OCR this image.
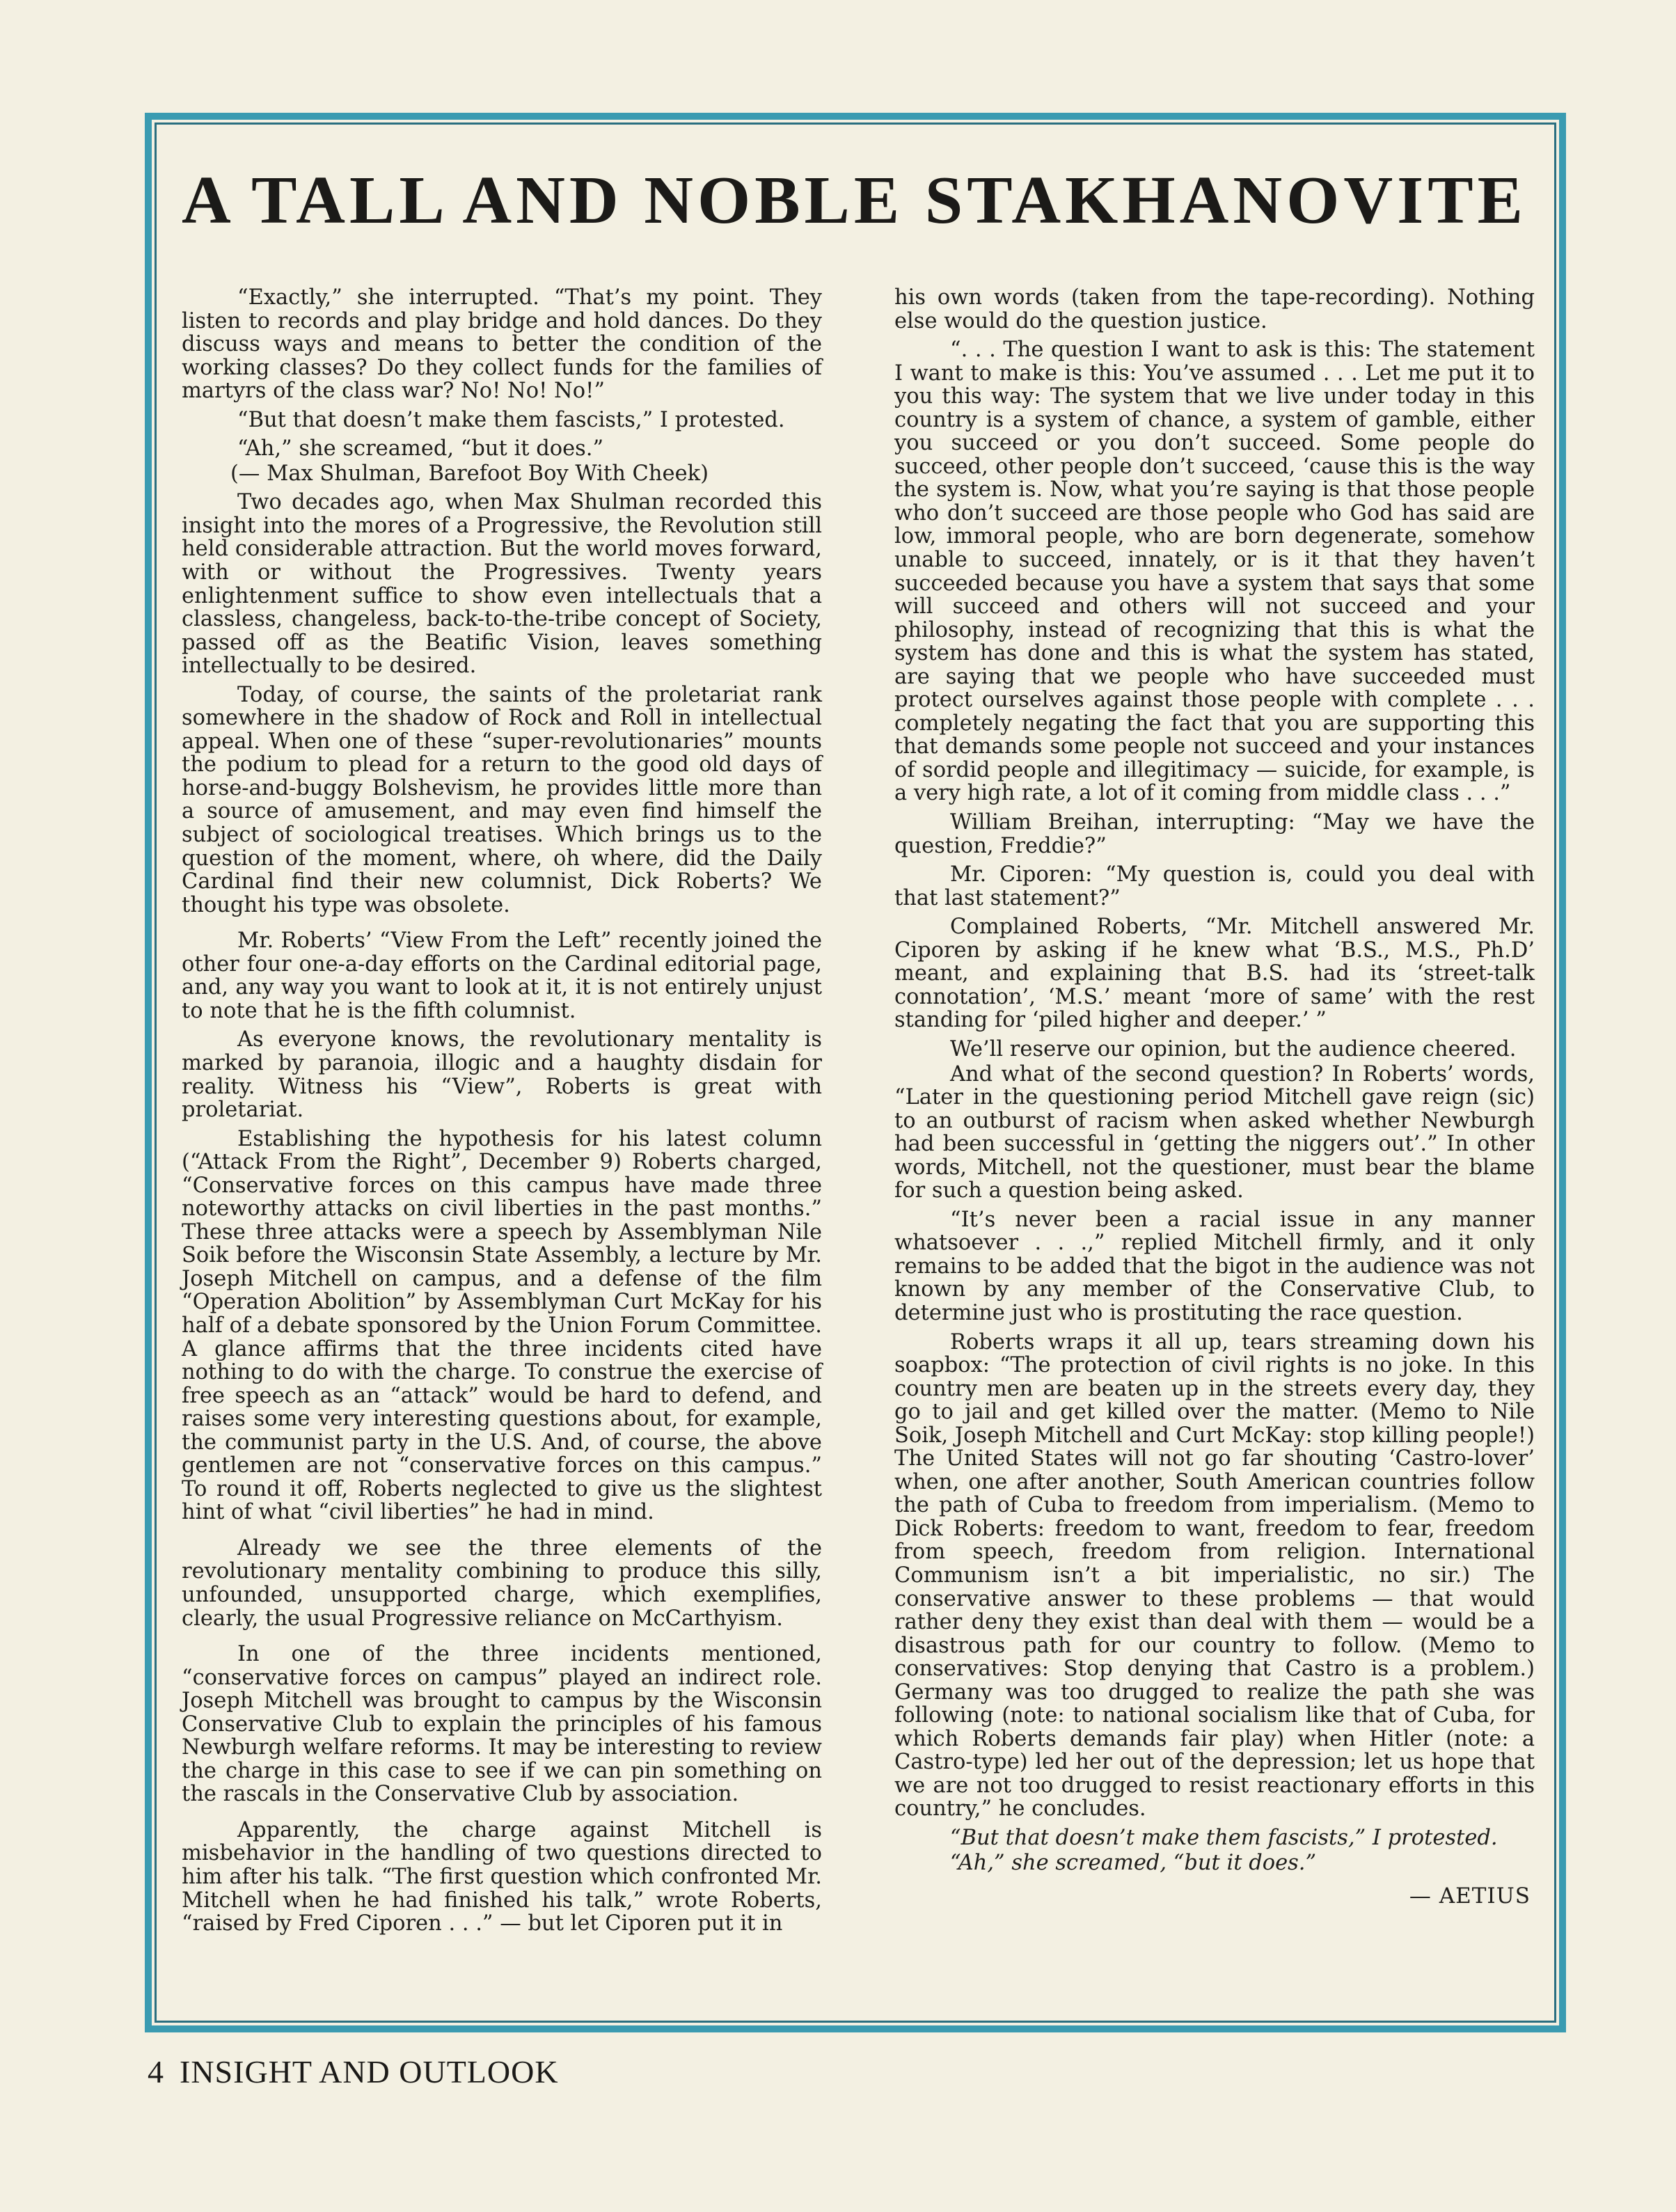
A TALL AND NOBLE STAKHANOVITE

“Exactly,” she interrupted. “That’s my point. They listen to records and play bridge and hold dances. Do they discuss ways and means to better the condition of the working classes? Do they collect funds for the families of martyrs of the class war? No! No! No!”

“But that doesn’t make them fascists,” I protested.

“Ah,” she screamed, “but it does.”

(— Max Shulman, Barefoot Boy With Cheek)

Two decades ago, when Max Shulman recorded this insight into the mores of a Progressive, the Revolution still held considerable attraction. But the world moves forward, with or without the Progressives. Twenty years enlightenment suffice to show even intellectuals that a classless, changeless, back-to-the-tribe concept of Society, passed off as the Beatific Vision, leaves something intellectually to be desired.

Today, of course, the saints of the proletariat rank somewhere in the shadow of Rock and Roll in intellectual appeal. When one of these “super-revolutionaries” mounts the podium to plead for a return to the good old days of horse-and-buggy Bolshevism, he provides little more than a source of amusement, and may even find himself the subject of sociological treatises. Which brings us to the question of the moment, where, oh where, did the Daily Cardinal find their new columnist, Dick Roberts? We thought his type was obsolete.

Mr. Roberts’ “View From the Left” recently joined the other four one-a-day efforts on the Cardinal editorial page, and, any way you want to look at it, it is not entirely unjust to note that he is the fifth columnist.

As everyone knows, the revolutionary mentality is marked by paranoia, illogic and a haughty disdain for reality. Witness his “View”, Roberts is great with proletariat.

Establishing the hypothesis for his latest column (“Attack From the Right”, December 9) Roberts charged, “Conservative forces on this campus have made three noteworthy attacks on civil liberties in the past months.” These three attacks were a speech by Assemblyman Nile Soik before the Wisconsin State Assembly, a lecture by Mr. Joseph Mitchell on campus, and a defense of the film “Operation Abolition” by Assemblyman Curt McKay for his half of a debate sponsored by the Union Forum Committee. A glance affirms that the three incidents cited have nothing to do with the charge. To construe the exercise of free speech as an “attack” would be hard to defend, and raises some very interesting questions about, for example, the communist party in the U.S. And, of course, the above gentlemen are not “conservative forces on this campus.” To round it off, Roberts neglected to give us the slightest hint of what “civil liberties” he had in mind.

Already we see the three elements of the revolutionary mentality combining to produce this silly, unfounded, unsupported charge, which exemplifies, clearly, the usual Progressive reliance on McCarthyism.

In one of the three incidents mentioned, “conservative forces on campus” played an indirect role. Joseph Mitchell was brought to campus by the Wisconsin Conservative Club to explain the principles of his famous Newburgh welfare reforms. It may be interesting to review the charge in this case to see if we can pin something on the rascals in the Conservative Club by association.

Apparently, the charge against Mitchell is misbehavior in the handling of two questions directed to him after his talk. “The first question which confronted Mr. Mitchell when he had finished his talk,” wrote Roberts, “raised by Fred Ciporen . . .” — but let Ciporen put it in

his own words (taken from the tape-recording). Nothing else would do the question justice.

“. . . The question I want to ask is this: The statement I want to make is this: You’ve assumed . . . Let me put it to you this way: The system that we live under today in this country is a system of chance, a system of gamble, either you succeed or you don’t succeed. Some people do succeed, other people don’t succeed, ‘cause this is the way the system is. Now, what you’re saying is that those people who don’t succeed are those people who God has said are low, immoral people, who are born degenerate, somehow unable to succeed, innately, or is it that they haven’t succeeded because you have a system that says that some will succeed and others will not succeed and your philosophy, instead of recognizing that this is what the system has done and this is what the system has stated, are saying that we people who have succeeded must protect ourselves against those people with complete . . . completely negating the fact that you are supporting this that demands some people not succeed and your instances of sordid people and illegitimacy — suicide, for example, is a very high rate, a lot of it coming from middle class . . .”

William Breihan, interrupting: “May we have the question, Freddie?”

Mr. Ciporen: “My question is, could you deal with that last statement?”

Complained Roberts, “Mr. Mitchell answered Mr. Ciporen by asking if he knew what ‘B.S., M.S., Ph.D’ meant, and explaining that B.S. had its ‘street-talk connotation’, ‘M.S.’ meant ‘more of same’ with the rest standing for ‘piled higher and deeper.’ ”

We’ll reserve our opinion, but the audience cheered.

And what of the second question? In Roberts’ words, “Later in the questioning period Mitchell gave reign (sic) to an outburst of racism when asked whether Newburgh had been successful in ‘getting the niggers out’.” In other words, Mitchell, not the questioner, must bear the blame for such a question being asked.

“It’s never been a racial issue in any manner whatsoever . . .,” replied Mitchell firmly, and it only remains to be added that the bigot in the audience was not known by any member of the Conservative Club, to determine just who is prostituting the race question.

Roberts wraps it all up, tears streaming down his soapbox: “The protection of civil rights is no joke. In this country men are beaten up in the streets every day, they go to jail and get killed over the matter. (Memo to Nile Soik, Joseph Mitchell and Curt McKay: stop killing people!) The United States will not go far shouting ‘Castro-lover’ when, one after another, South American countries follow the path of Cuba to freedom from imperialism. (Memo to Dick Roberts: freedom to want, freedom to fear, freedom from speech, freedom from religion. International Communism isn’t a bit imperialistic, no sir.) The conservative answer to these problems — that would rather deny they exist than deal with them — would be a disastrous path for our country to follow. (Memo to conservatives: Stop denying that Castro is a problem.) Germany was too drugged to realize the path she was following (note: to national socialism like that of Cuba, for which Roberts demands fair play) when Hitler (note: a Castro-type) led her out of the depression; let us hope that we are not too drugged to resist reactionary efforts in this country,” he concludes.

“But that doesn’t make them fascists,” I protested.

“Ah,” she screamed, “but it does.”

— AETIUS
4 INSIGHT AND OUTLOOK
